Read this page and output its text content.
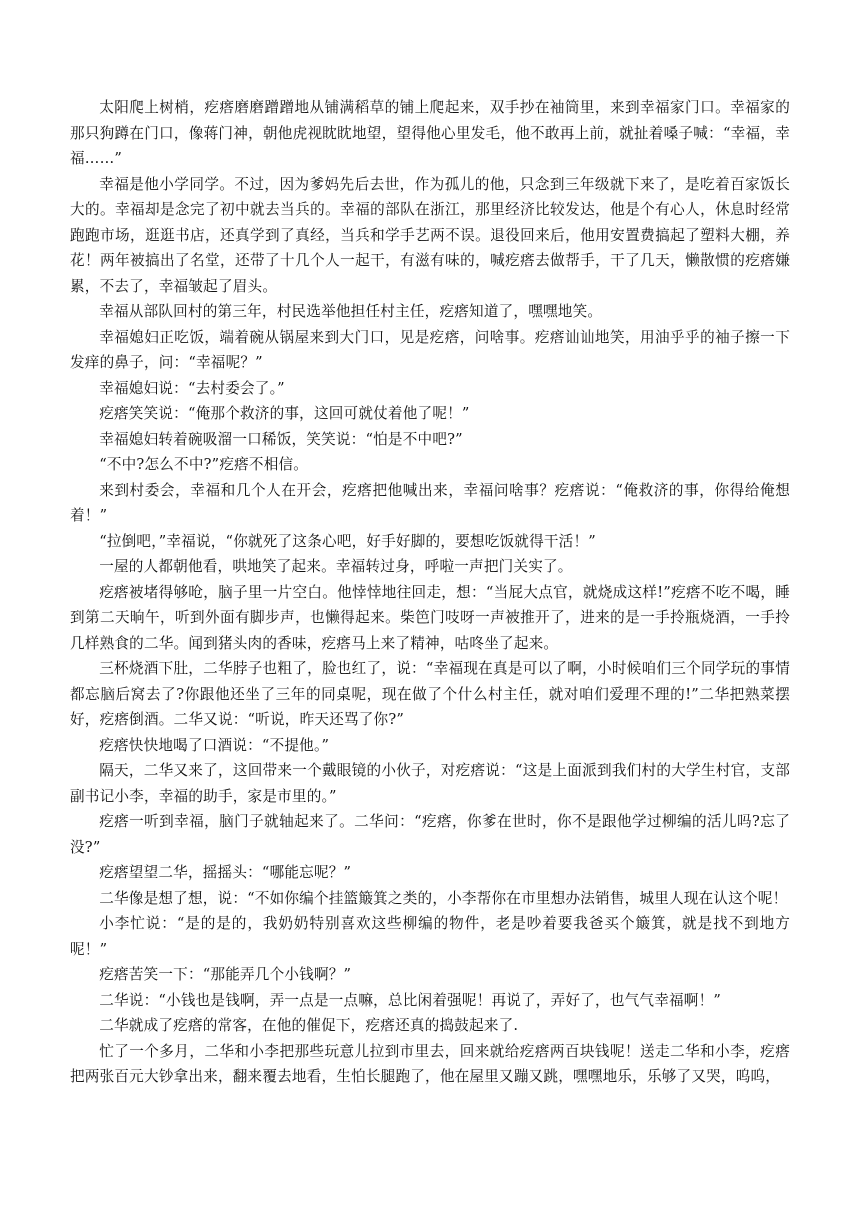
太阳爬上树梢，疙瘩磨磨蹭蹭地从铺满稻草的铺上爬起来，双手抄在袖筒里，来到幸福家门口。幸福家的那只狗蹲在门口，像蒋门神，朝他虎视眈眈地望，望得他心里发毛，他不敢再上前，就扯着嗓子喊：“幸福，幸福……”

幸福是他小学同学。不过，因为爹妈先后去世，作为孤儿的他，只念到三年级就下来了，是吃着百家饭长大的。幸福却是念完了初中就去当兵的。幸福的部队在浙江，那里经济比较发达，他是个有心人，休息时经常跑跑市场，逛逛书店，还真学到了真经，当兵和学手艺两不误。退役回来后，他用安置费搞起了塑料大棚，养花！两年被搞出了名堂，还带了十几个人一起干，有滋有味的，喊疙瘩去做帮手，干了几天，懒散惯的疙瘩嫌累，不去了，幸福皱起了眉头。

幸福从部队回村的第三年，村民选举他担任村主任，疙瘩知道了，嘿嘿地笑。

幸福媳妇正吃饭，端着碗从锅屋来到大门口，见是疙瘩，问啥事。疙瘩讪讪地笑，用油乎乎的袖子擦一下发痒的鼻子，问：“幸福呢？”

幸福媳妇说：“去村委会了。”

疙瘩笑笑说：“俺那个救济的事，这回可就仗着他了呢！”

幸福媳妇转着碗吸溜一口稀饭，笑笑说：“怕是不中吧?”

“不中?怎么不中?”疙瘩不相信。

来到村委会，幸福和几个人在开会，疙瘩把他喊出来，幸福问啥事？疙瘩说：“俺救济的事，你得给俺想着！”

“拉倒吧，”幸福说，“你就死了这条心吧，好手好脚的，要想吃饭就得干活！”

一屋的人都朝他看，哄地笑了起来。幸福转过身，呼啦一声把门关实了。

疙瘩被堵得够呛，脑子里一片空白。他悻悻地往回走，想：“当屁大点官，就烧成这样!”疙瘩不吃不喝，睡到第二天晌午，听到外面有脚步声，也懒得起来。柴笆门吱呀一声被推开了，进来的是一手拎瓶烧酒，一手拎几样熟食的二华。闻到猪头肉的香味，疙瘩马上来了精神，咕咚坐了起来。

三杯烧酒下肚，二华脖子也粗了，脸也红了，说：“幸福现在真是可以了啊，小时候咱们三个同学玩的事情都忘脑后窝去了?你跟他还坐了三年的同桌呢，现在做了个什么村主任，就对咱们爱理不理的!”二华把熟菜摆好，疙瘩倒酒。二华又说：“听说，昨天还骂了你?”

疙瘩快快地喝了口酒说：“不提他。”

隔天，二华又来了，这回带来一个戴眼镜的小伙子，对疙瘩说：“这是上面派到我们村的大学生村官，支部副书记小李，幸福的助手，家是市里的。”

疙瘩一听到幸福，脑门子就轴起来了。二华问：“疙瘩，你爹在世时，你不是跟他学过柳编的活儿吗?忘了没?”

疙瘩望望二华，摇摇头：“哪能忘呢？”

二华像是想了想，说：“不如你编个挂篮簸箕之类的，小李帮你在市里想办法销售，城里人现在认这个呢！

小李忙说：“是的是的，我奶奶特别喜欢这些柳编的物件，老是吵着要我爸买个簸箕，就是找不到地方呢！”

疙瘩苦笑一下：“那能弄几个小钱啊？”

二华说：“小钱也是钱啊，弄一点是一点嘛，总比闲着强呢！再说了，弄好了，也气气幸福啊！”

二华就成了疙瘩的常客，在他的催促下，疙瘩还真的捣鼓起来了.

忙了一个多月，二华和小李把那些玩意儿拉到市里去，回来就给疙瘩两百块钱呢！送走二华和小李，疙瘩把两张百元大钞拿出来，翻来覆去地看，生怕长腿跑了，他在屋里又蹦又跳，嘿嘿地乐，乐够了又哭，呜呜，
